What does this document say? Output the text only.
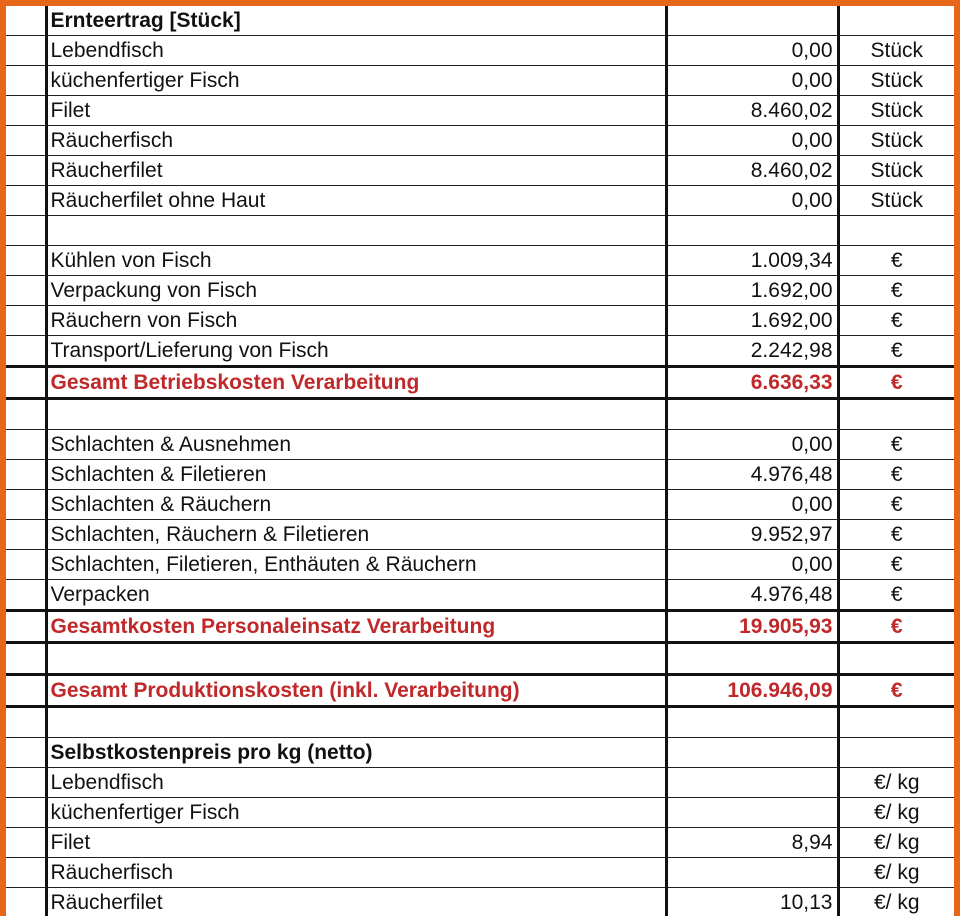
	Ernteertrag [Stück]		
	Lebendfisch	0,00	Stück
	küchenfertiger Fisch	0,00	Stück
	Filet	8.460,02	Stück
	Räucherfisch	0,00	Stück
	Räucherfilet	8.460,02	Stück
	Räucherfilet ohne Haut	0,00	Stück

	Kühlen von Fisch	1.009,34	€
	Verpackung von Fisch	1.692,00	€
	Räuchern von Fisch	1.692,00	€
	Transport/Lieferung von Fisch	2.242,98	€
	Gesamt Betriebskosten Verarbeitung	6.636,33	€

	Schlachten & Ausnehmen	0,00	€
	Schlachten & Filetieren	4.976,48	€
	Schlachten & Räuchern	0,00	€
	Schlachten, Räuchern & Filetieren	9.952,97	€
	Schlachten, Filetieren, Enthäuten & Räuchern	0,00	€
	Verpacken	4.976,48	€
	Gesamtkosten Personaleinsatz Verarbeitung	19.905,93	€

	Gesamt Produktionskosten (inkl. Verarbeitung)	106.946,09	€

	Selbstkostenpreis pro kg (netto)		
	Lebendfisch		€/ kg
	küchenfertiger Fisch		€/ kg
	Filet	8,94	€/ kg
	Räucherfisch		€/ kg
	Räucherfilet	10,13	€/ kg
